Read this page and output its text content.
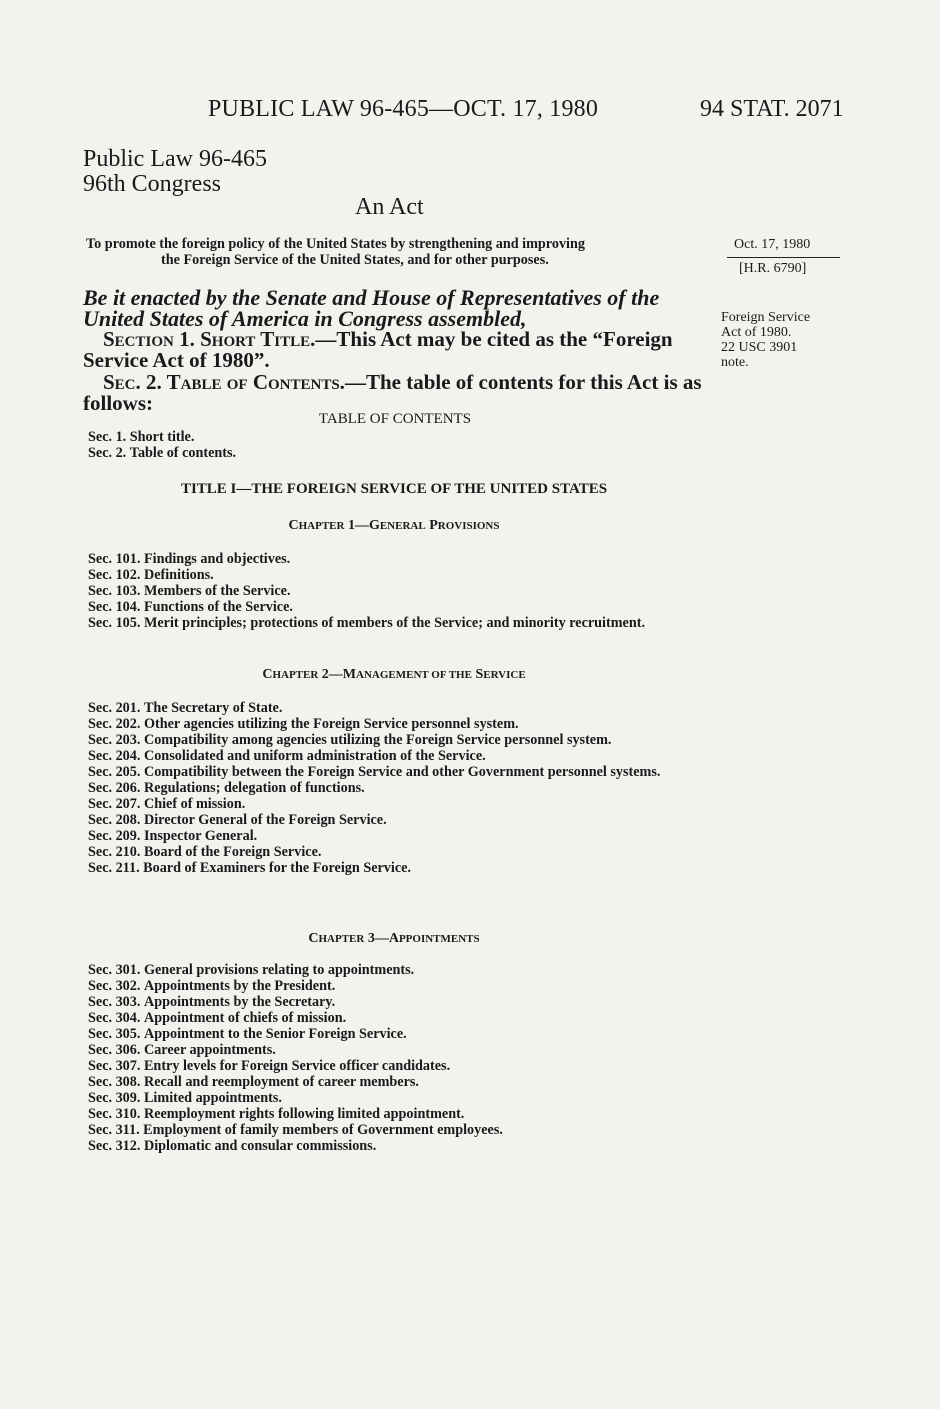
PUBLIC LAW 96-465—OCT. 17, 1980	94 STAT. 2071
Public Law 96-465
96th Congress
An Act
To promote the foreign policy of the United States by strengthening and improving
the Foreign Service of the United States, and for other purposes.
Oct. 17, 1980
[H.R. 6790]
Foreign Service
Act of 1980.
22 USC 3901
note.
Be it enacted by the Senate and House of Representatives of the United States of America in Congress assembled,
Section 1. Short Title.—This Act may be cited as the “Foreign Service Act of 1980”.
Sec. 2. Table of Contents.—The table of contents for this Act is as follows:
TABLE OF CONTENTS
Sec. 1. Short title.
Sec. 2. Table of contents.
TITLE I—THE FOREIGN SERVICE OF THE UNITED STATES
CHAPTER 1—GENERAL PROVISIONS
Sec. 101. Findings and objectives.
Sec. 102. Definitions.
Sec. 103. Members of the Service.
Sec. 104. Functions of the Service.
Sec. 105. Merit principles; protections of members of the Service; and minority recruitment.
CHAPTER 2—MANAGEMENT OF THE SERVICE
Sec. 201. The Secretary of State.
Sec. 202. Other agencies utilizing the Foreign Service personnel system.
Sec. 203. Compatibility among agencies utilizing the Foreign Service personnel system.
Sec. 204. Consolidated and uniform administration of the Service.
Sec. 205. Compatibility between the Foreign Service and other Government personnel systems.
Sec. 206. Regulations; delegation of functions.
Sec. 207. Chief of mission.
Sec. 208. Director General of the Foreign Service.
Sec. 209. Inspector General.
Sec. 210. Board of the Foreign Service.
Sec. 211. Board of Examiners for the Foreign Service.
CHAPTER 3—APPOINTMENTS
Sec. 301. General provisions relating to appointments.
Sec. 302. Appointments by the President.
Sec. 303. Appointments by the Secretary.
Sec. 304. Appointment of chiefs of mission.
Sec. 305. Appointment to the Senior Foreign Service.
Sec. 306. Career appointments.
Sec. 307. Entry levels for Foreign Service officer candidates.
Sec. 308. Recall and reemployment of career members.
Sec. 309. Limited appointments.
Sec. 310. Reemployment rights following limited appointment.
Sec. 311. Employment of family members of Government employees.
Sec. 312. Diplomatic and consular commissions.
